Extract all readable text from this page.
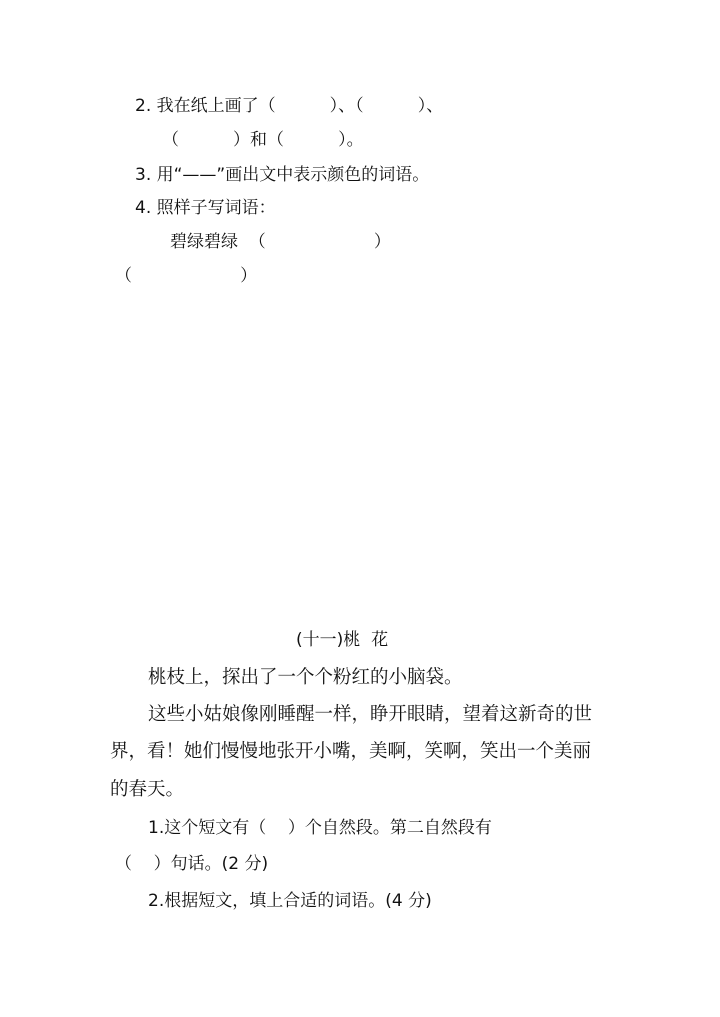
2. 我在纸上画了（          ）、（          ）、
（          ）和（          ）。
3. 用“——”画出文中表示颜色的词语。
4. 照样子写词语：
碧绿碧绿  （                    ）
（                    ）
(十一)桃  花
桃枝上，探出了一个个粉红的小脑袋。
这些小姑娘像刚睡醒一样，睁开眼睛，望着这新奇的世
界，看！她们慢慢地张开小嘴，美啊，笑啊，笑出一个美丽
的春天。
1.这个短文有（    ）个自然段。第二自然段有
（    ）句话。(2 分)
2.根据短文，填上合适的词语。(4 分)
